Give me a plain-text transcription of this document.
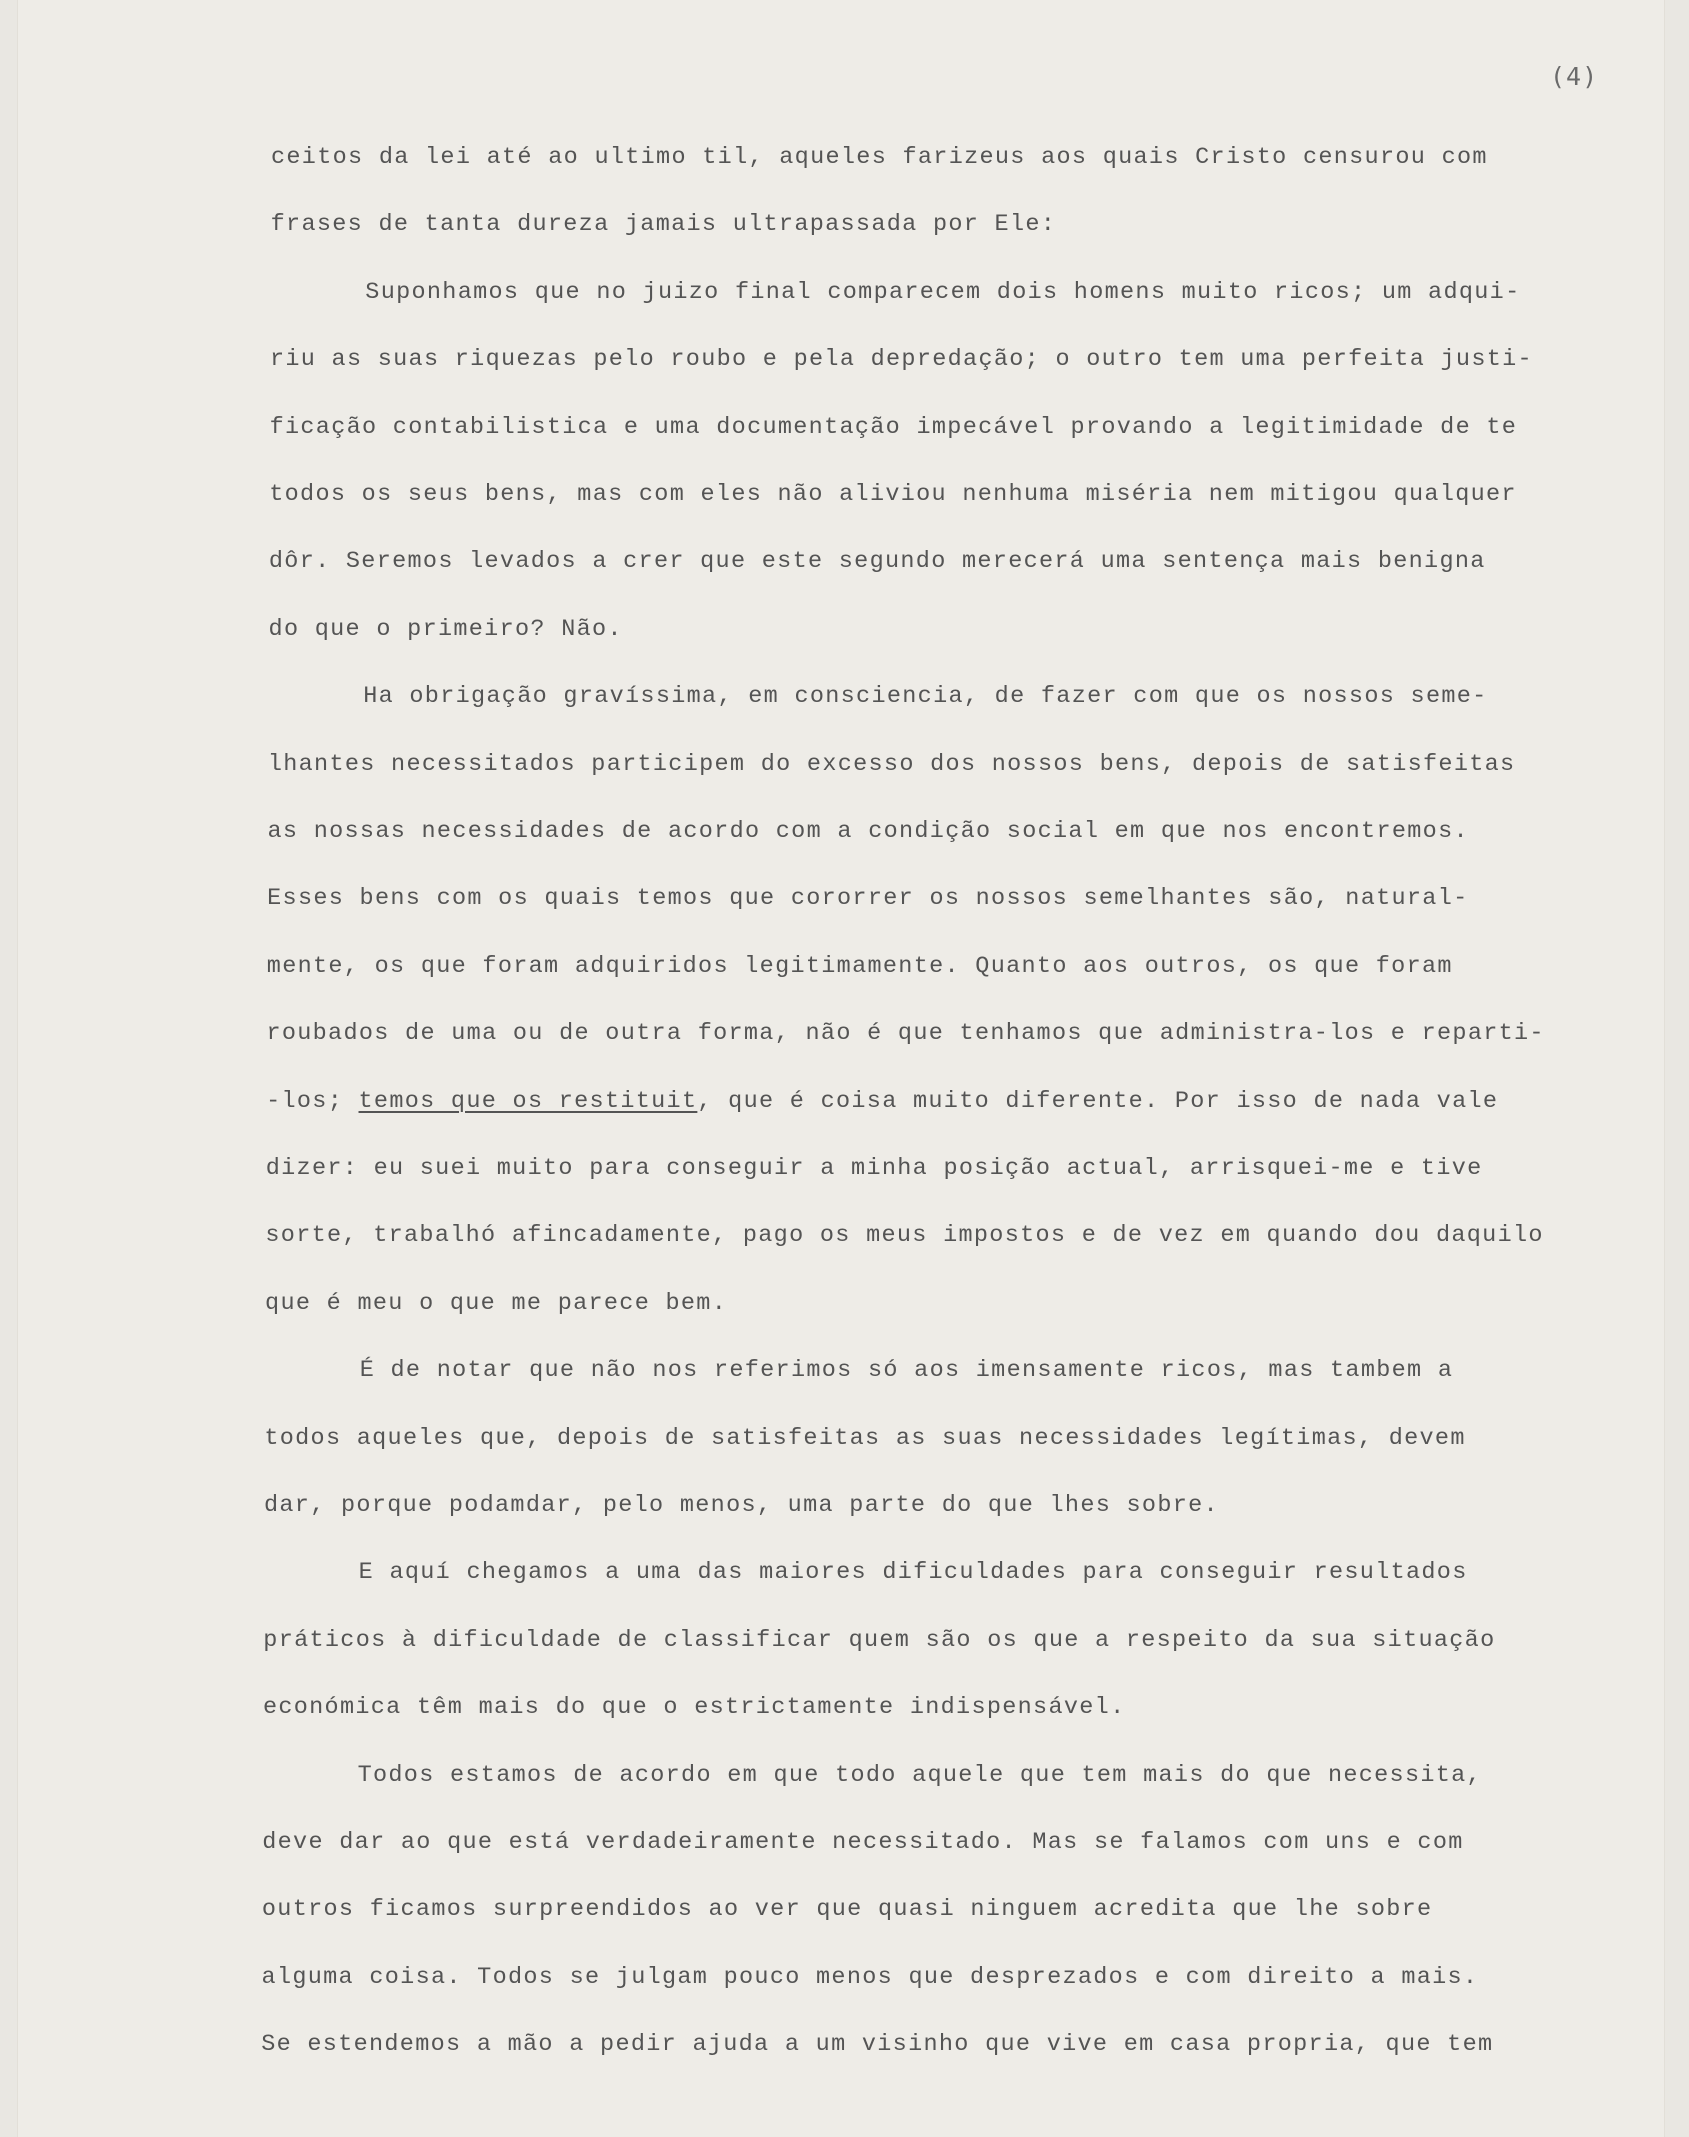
(4)
ceitos da lei até ao ultimo til, aqueles farizeus aos quais Cristo censurou com
frases de tanta dureza jamais ultrapassada por Ele:
Suponhamos que no juizo final comparecem dois homens muito ricos; um adqui-
riu as suas riquezas pelo roubo e pela depredação; o outro tem uma perfeita justi-
ficação contabilistica e uma documentação impecável provando a legitimidade de te
todos os seus bens, mas com eles não aliviou nenhuma miséria nem mitigou qualquer
dôr. Seremos levados a crer que este segundo merecerá uma sentença mais benigna
do que o primeiro? Não.
Ha obrigação gravíssima, em consciencia, de fazer com que os nossos seme-
lhantes necessitados participem do excesso dos nossos bens, depois de satisfeitas
as nossas necessidades de acordo com a condição social em que nos encontremos.
Esses bens com os quais temos que cororrer os nossos semelhantes são, natural-
mente, os que foram adquiridos legitimamente. Quanto aos outros, os que foram
roubados de uma ou de outra forma, não é que tenhamos que administra-los e reparti-
-los; temos que os restituit, que é coisa muito diferente. Por isso de nada vale
dizer: eu suei muito para conseguir a minha posição actual, arrisquei-me e tive
sorte, trabalhó afincadamente, pago os meus impostos e de vez em quando dou daquilo
que é meu o que me parece bem.
É de notar que não nos referimos só aos imensamente ricos, mas tambem a
todos aqueles que, depois de satisfeitas as suas necessidades legítimas, devem
dar, porque podamdar, pelo menos, uma parte do que lhes sobre.
E aquí chegamos a uma das maiores dificuldades para conseguir resultados
práticos à dificuldade de classificar quem são os que a respeito da sua situação
económica têm mais do que o estrictamente indispensável.
Todos estamos de acordo em que todo aquele que tem mais do que necessita,
deve dar ao que está verdadeiramente necessitado. Mas se falamos com uns e com
outros ficamos surpreendidos ao ver que quasi ninguem acredita que lhe sobre
alguma coisa. Todos se julgam pouco menos que desprezados e com direito a mais.
Se estendemos a mão a pedir ajuda a um visinho que vive em casa propria, que tem
